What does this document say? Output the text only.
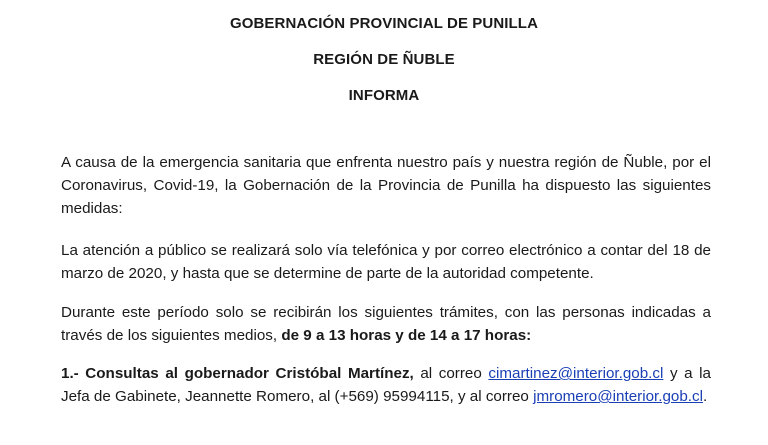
GOBERNACIÓN PROVINCIAL DE PUNILLA
REGIÓN DE ÑUBLE
INFORMA
A causa de la emergencia sanitaria que enfrenta nuestro país y nuestra región de Ñuble, por el Coronavirus, Covid-19, la Gobernación de la Provincia de Punilla ha dispuesto las siguientes medidas:
La atención a público se realizará solo vía telefónica y por correo electrónico a contar del 18 de marzo de 2020, y hasta que se determine de parte de la autoridad competente.
Durante este período solo se recibirán los siguientes trámites, con las personas indicadas a través de los siguientes medios, de 9 a 13 horas y de 14 a 17 horas:
1.- Consultas al gobernador Cristóbal Martínez, al correo cimartinez@interior.gob.cl y a la Jefa de Gabinete, Jeannette Romero, al (+569) 95994115, y al correo jmromero@interior.gob.cl.
